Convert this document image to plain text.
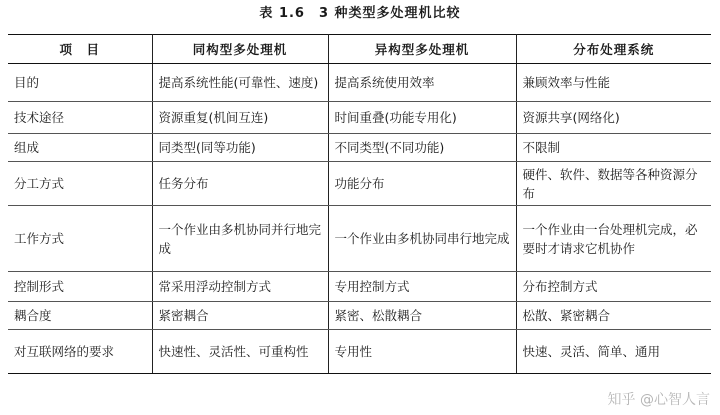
表 1.6　3 种类型多处理机比较
项　目	同构型多处理机	异构型多处理机	分布处理系统
目的	提高系统性能(可靠性、速度)	提高系统使用效率	兼顾效率与性能
技术途径	资源重复(机间互连)	时间重叠(功能专用化)	资源共享(网络化)
组成	同类型(同等功能)	不同类型(不同功能)	不限制
分工方式	任务分布	功能分布	硬件、软件、数据等各种资源分布
工作方式	一个作业由多机协同并行地完成	一个作业由多机协同串行地完成	一个作业由一台处理机完成，必要时才请求它机协作
控制形式	常采用浮动控制方式	专用控制方式	分布控制方式
耦合度	紧密耦合	紧密、松散耦合	松散、紧密耦合
对互联网络的要求	快速性、灵活性、可重构性	专用性	快速、灵活、简单、通用
知乎 @心智人言
